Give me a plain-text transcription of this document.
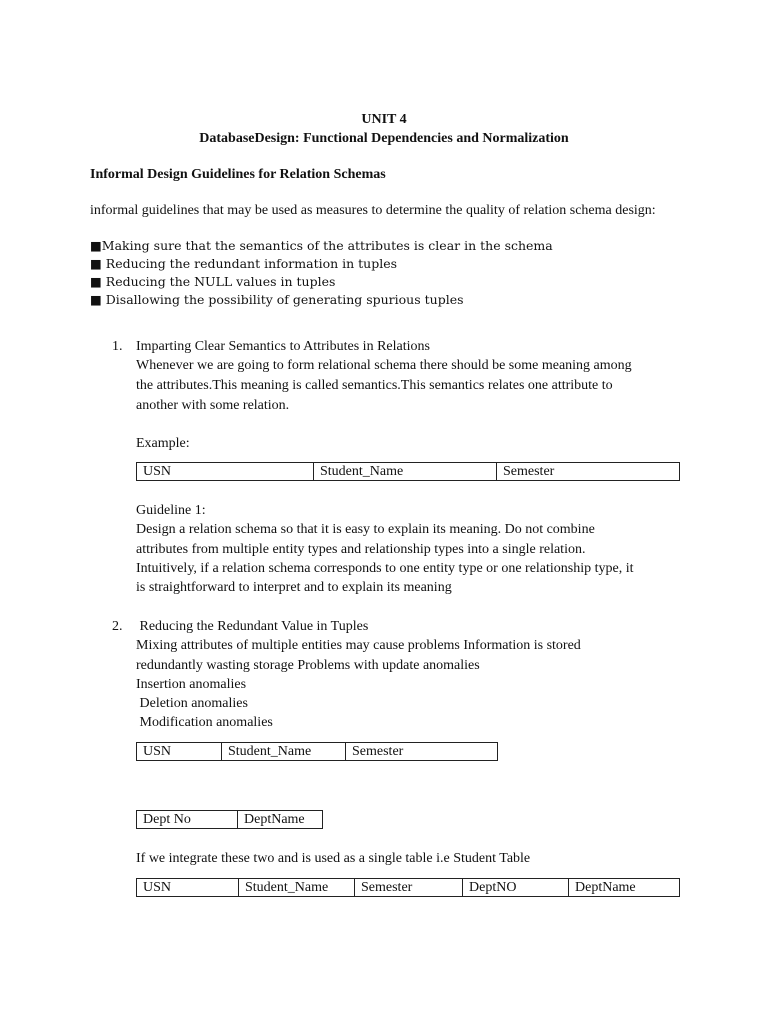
UNIT 4
DatabaseDesign: Functional Dependencies and Normalization
Informal Design Guidelines for Relation Schemas
informal guidelines that may be used as measures to determine the quality of relation schema design:
■Making sure that the semantics of the attributes is clear in the schema
■ Reducing the redundant information in tuples
■ Reducing the NULL values in tuples
■ Disallowing the possibility of generating spurious tuples
1. Imparting Clear Semantics to Attributes in Relations
Whenever we are going to form relational schema there should be some meaning among
the attributes.This meaning is called semantics.This semantics relates one attribute to
another with some relation.
Example:
USN	Student_Name	Semester
Guideline 1:
Design a relation schema so that it is easy to explain its meaning. Do not combine
attributes from multiple entity types and relationship types into a single relation.
Intuitively, if a relation schema corresponds to one entity type or one relationship type, it
is straightforward to interpret and to explain its meaning
2. Reducing the Redundant Value in Tuples
Mixing attributes of multiple entities may cause problems Information is stored
redundantly wasting storage Problems with update anomalies
Insertion anomalies
Deletion anomalies
Modification anomalies
USN	Student_Name	Semester
Dept No	DeptName
If we integrate these two and is used as a single table i.e Student Table
USN	Student_Name	Semester	DeptNO	DeptName
